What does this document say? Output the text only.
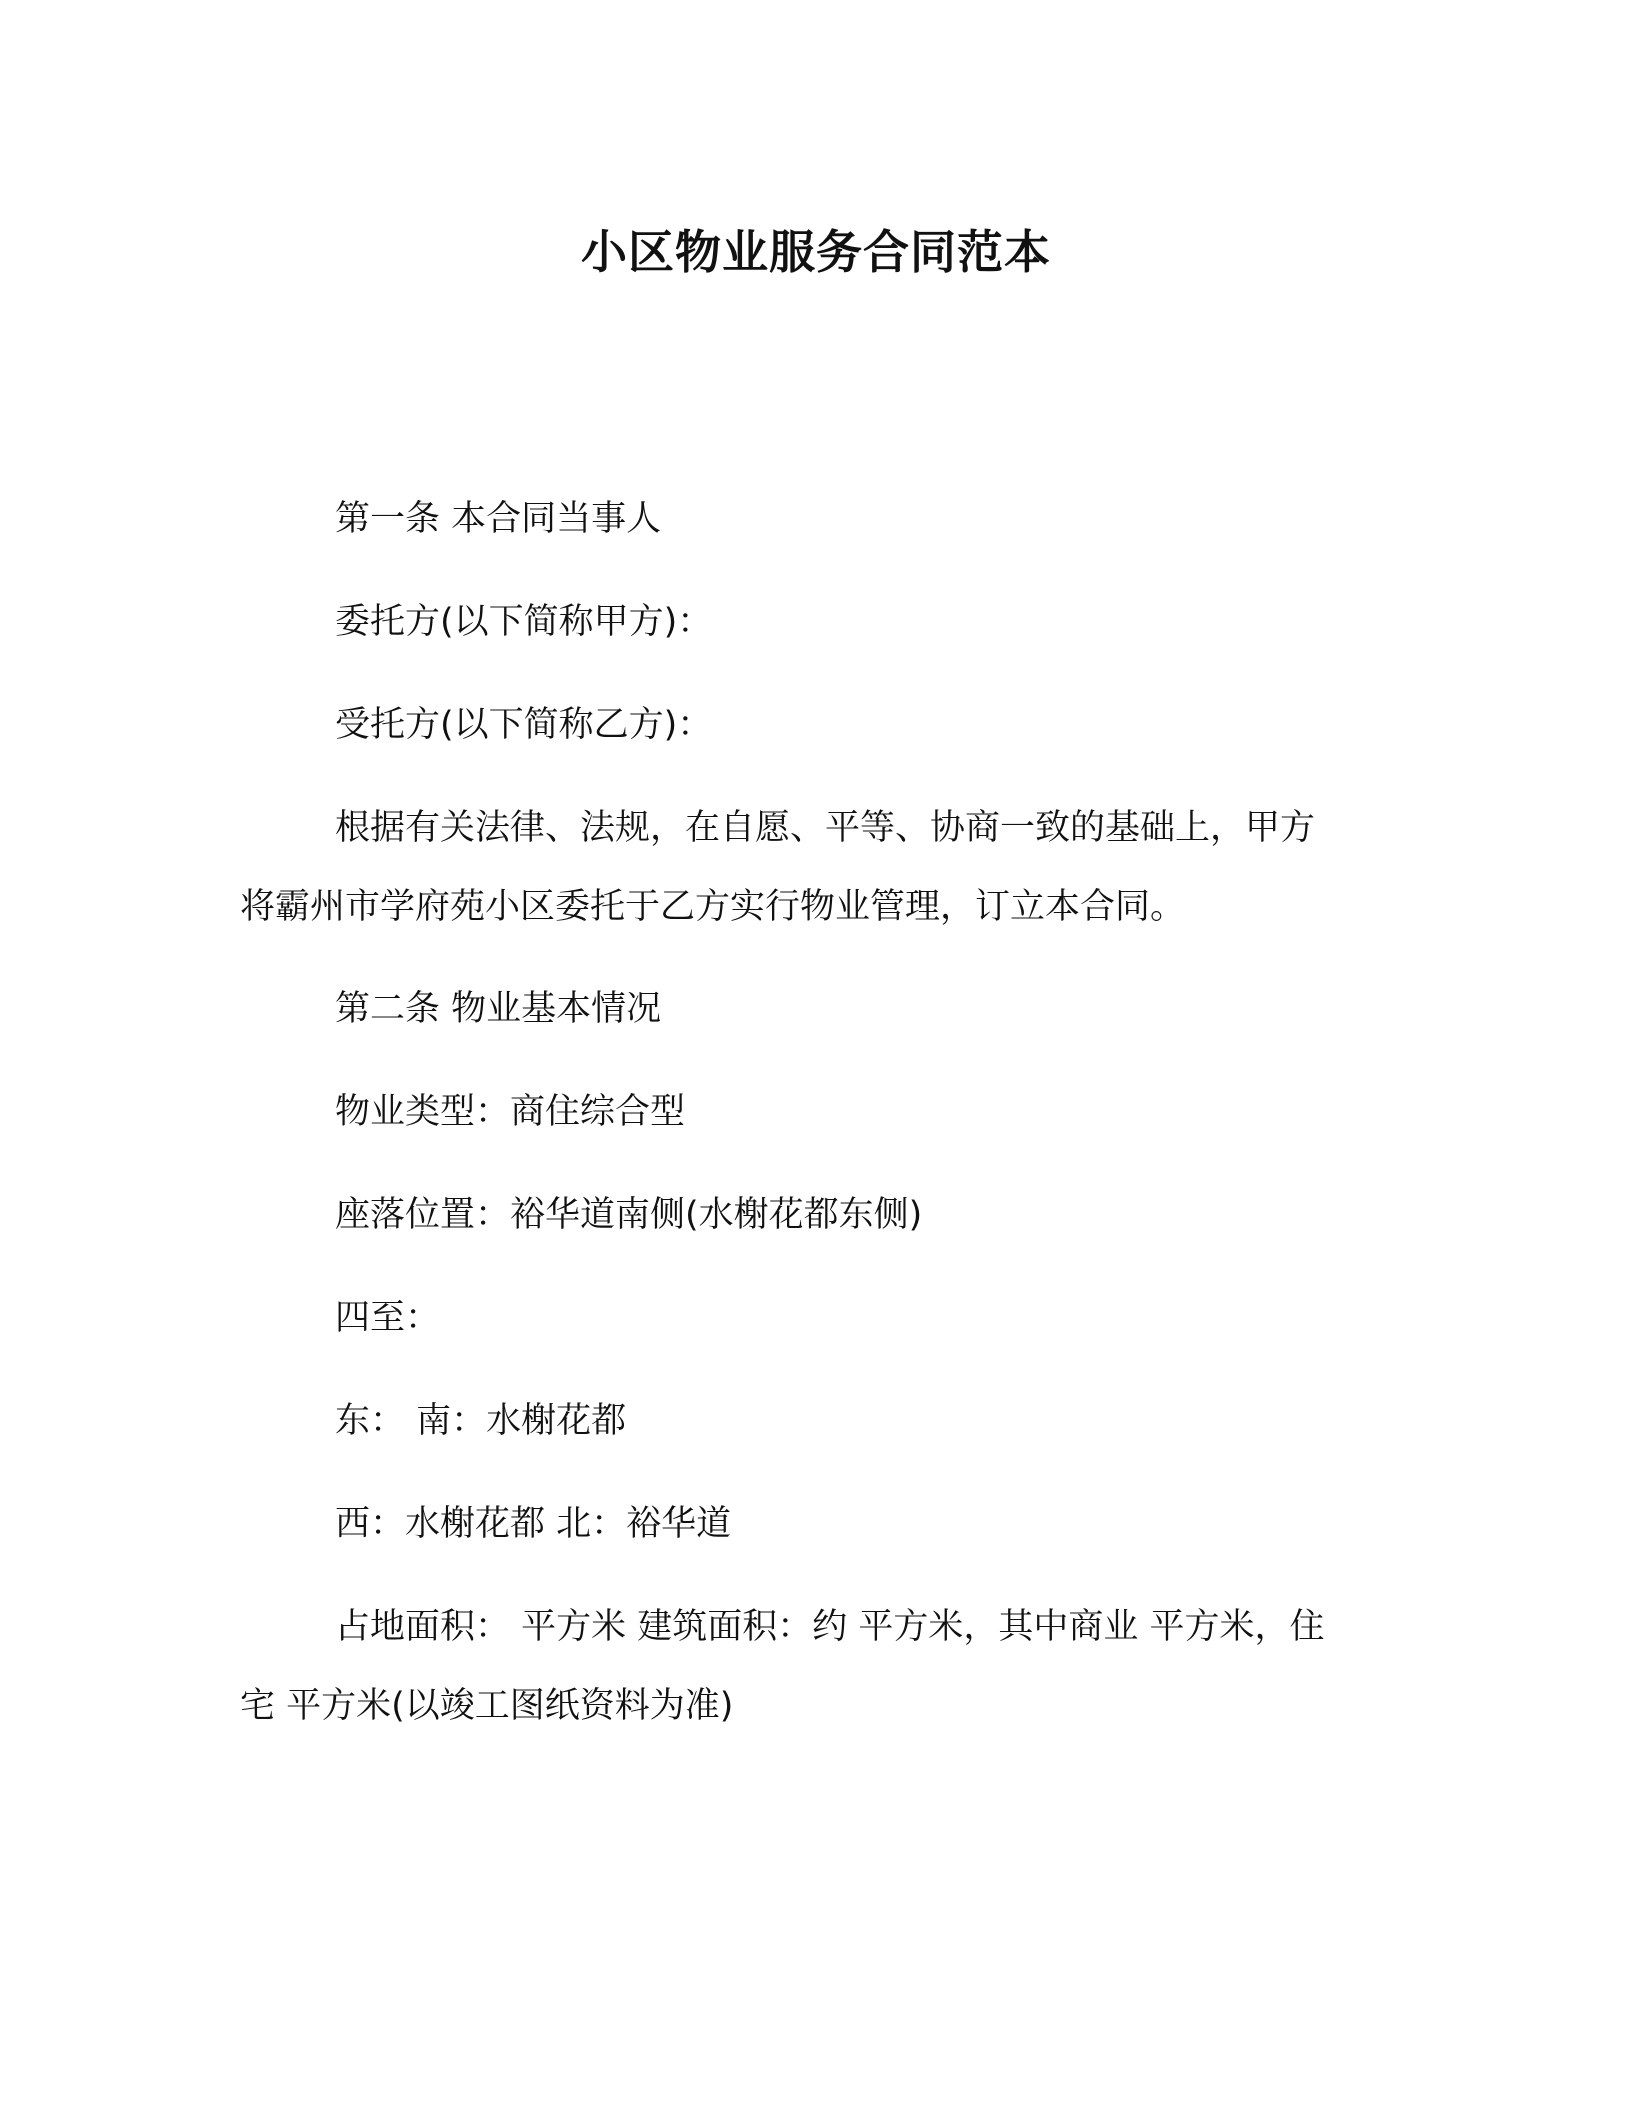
小区物业服务合同范本
第一条 本合同当事人
委托方(以下简称甲方)：
受托方(以下简称乙方)：
根据有关法律、法规，在自愿、平等、协商一致的基础上，甲方
将霸州市学府苑小区委托于乙方实行物业管理，订立本合同。
第二条 物业基本情况
物业类型：商住综合型
座落位置：裕华道南侧(水榭花都东侧)
四至：
东： 南：水榭花都
西：水榭花都 北：裕华道
占地面积： 平方米 建筑面积：约 平方米，其中商业 平方米，住
宅 平方米(以竣工图纸资料为准)
